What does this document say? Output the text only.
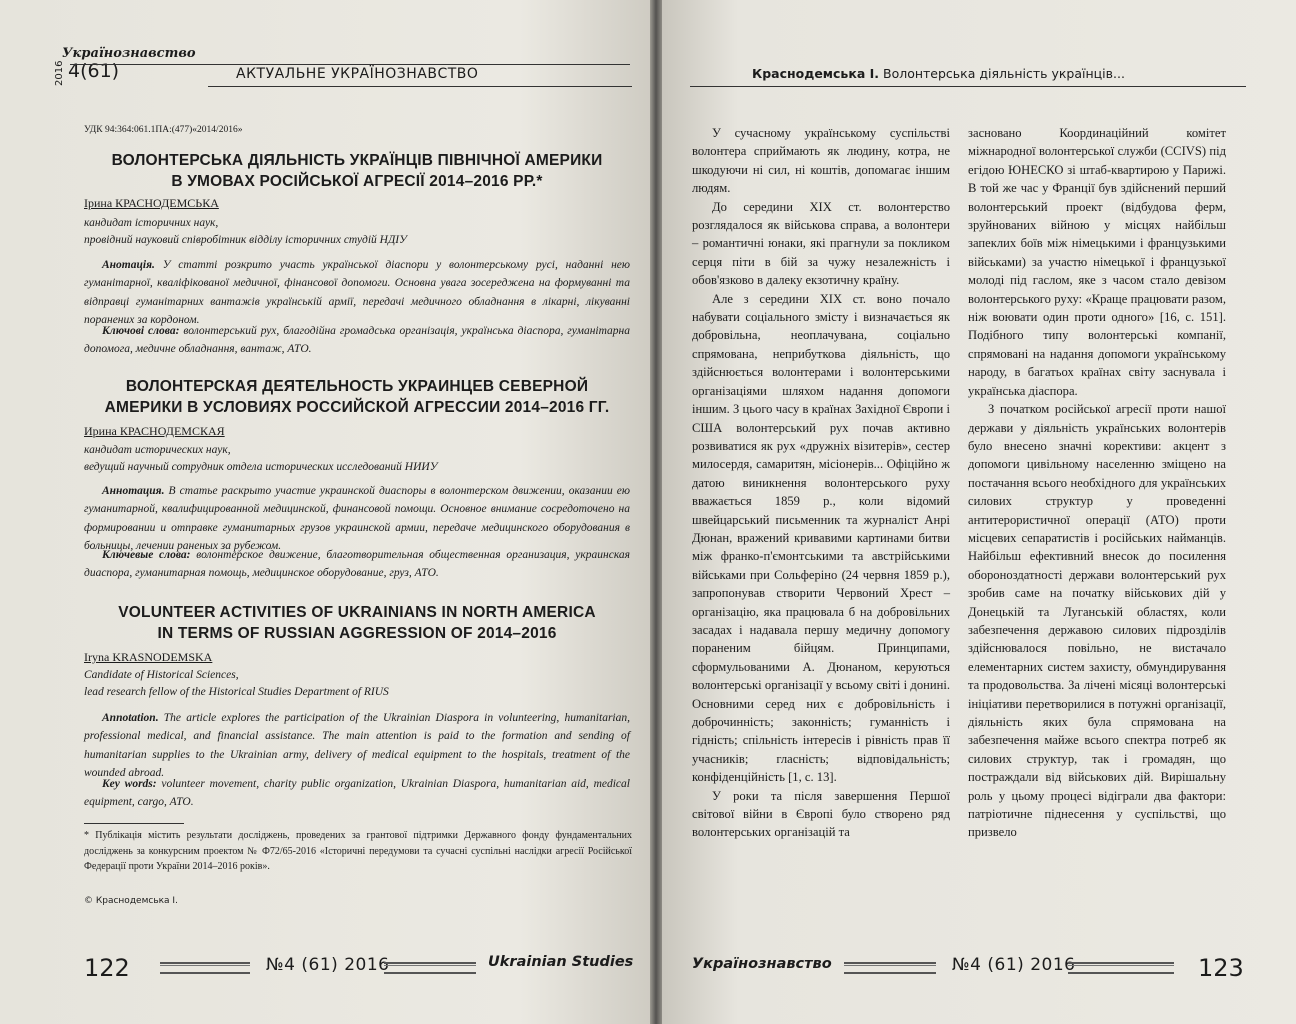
Українознавство
4(61)
2016	АКТУАЛЬНЕ УКРАЇНОЗНАВСТВО
УДК 94:364:061.1ПА:(477)«2014/2016»
ВОЛОНТЕРСЬКА ДІЯЛЬНІСТЬ УКРАЇНЦІВ ПІВНІЧНОЇ АМЕРИКИ
В УМОВАХ РОСІЙСЬКОЇ АГРЕСІЇ 2014–2016 РР.*
Ірина КРАСНОДЕМСЬКА
кандидат історичних наук,
провідний науковий співробітник відділу історичних студій НДІУ
Анотація. У статті розкрито участь української діаспори у волонтерському русі, наданні нею гуманітарної, кваліфікованої медичної, фінансової допомоги. Основна увага зосереджена на формуванні та відправці гуманітарних вантажів українській армії, передачі медичного обладнання в лікарні, лікуванні поранених за кордоном.
Ключові слова: волонтерський рух, благодійна громадська організація, українська діаспора, гуманітарна допомога, медичне обладнання, вантаж, АТО.
ВОЛОНТЕРСКАЯ ДЕЯТЕЛЬНОСТЬ УКРАИНЦЕВ СЕВЕРНОЙ
АМЕРИКИ В УСЛОВИЯХ РОССИЙСКОЙ АГРЕССИИ 2014–2016 ГГ.
Ирина КРАСНОДЕМСКАЯ
кандидат исторических наук,
ведущий научный сотрудник отдела исторических исследований НИИУ
Аннотация. В статье раскрыто участие украинской диаспоры в волонтерском движении, оказании ею гуманитарной, квалифицированной медицинской, финансовой помощи. Основное внимание сосредоточено на формировании и отправке гуманитарных грузов украинской армии, передаче медицинского оборудования в больницы, лечении раненых за рубежом.
Ключевые слова: волонтерское движение, благотворительная общественная организация, украинская диаспора, гуманитарная помощь, медицинское оборудование, груз, АТО.
VOLUNTEER ACTIVITIES OF UKRAINIANS IN NORTH AMERICA
IN TERMS OF RUSSIAN AGGRESSION OF 2014–2016
Iryna KRASNODEMSKA
Candidate of Historical Sciences,
lead research fellow of the Historical Studies Department of RIUS
Annotation. The article explores the participation of the Ukrainian Diaspora in volunteering, humanitarian, professional medical, and financial assistance. The main attention is paid to the formation and sending of humanitarian supplies to the Ukrainian army, delivery of medical equipment to the hospitals, treatment of the wounded abroad.
Key words: volunteer movement, charity public organization, Ukrainian Diaspora, humanitarian aid, medical equipment, cargo, ATO.
* Публікація містить результати досліджень, проведених за грантової підтримки Державного фонду фундаментальних досліджень за конкурсним проектом № Ф72/65-2016 «Історичні передумови та сучасні суспільні наслідки агресії Російської Федерації проти України 2014–2016 років».
© Краснодемська І.
122	№4 (61) 2016	Ukrainian Studies
Краснодемська І. Волонтерська діяльність українців...

У сучасному українському суспільстві волонтера сприймають як людину, котра, не шкодуючи ні сил, ні коштів, допомагає іншим людям.

До середини XIX ст. волонтерство розглядалося як військова справа, а волонтери – романтичні юнаки, які прагнули за покликом серця піти в бій за чужу незалежність і обов'язково в далеку екзотичну країну.

Але з середини XIX ст. воно почало набувати соціального змісту і визначається як добровільна, неоплачувана, соціально спрямована, неприбуткова діяльність, що здійснюється волонтерами і волонтерськими організаціями шляхом надання допомоги іншим. З цього часу в країнах Західної Європи і США волонтерський рух почав активно розвиватися як рух «дружніх візитерів», сестер милосердя, самаритян, місіонерів... Офіційно ж датою виникнення волонтерського руху вважається 1859 р., коли відомий швейцарський письменник та журналіст Анрі Дюнан, вражений кривавими картинами битви між франко-п'ємонтськими та австрійськими військами при Сольферіно (24 червня 1859 р.), запропонував створити Червоний Хрест – організацію, яка працювала б на добровільних засадах і надавала першу медичну допомогу пораненим бійцям. Принципами, сформульованими А. Дюнаном, керуються волонтерські організації у всьому світі і донині. Основними серед них є добровільність і доброчинність; законність; гуманність і гідність; спільність інтересів і рівність прав її учасників; гласність; відповідальність; конфіденційність [1, с. 13].

У роки та після завершення Першої світової війни в Європі було створено ряд волонтерських організацій та

засновано Координаційний комітет міжнародної волонтерської служби (CCIVS) під егідою ЮНЕСКО зі штаб-квартирою у Парижі. В той же час у Франції був здійснений перший волонтерський проект (відбудова ферм, зруйнованих війною у місцях найбільш запеклих боїв між німецькими і французькими військами) за участю німецької і французької молоді під гаслом, яке з часом стало девізом волонтерського руху: «Краще працювати разом, ніж воювати один проти одного» [16, с. 151]. Подібного типу волонтерські компанії, спрямовані на надання допомоги українському народу, в багатьох країнах світу заснувала і українська діаспора.

З початком російської агресії проти нашої держави у діяльність українських волонтерів було внесено значні корективи: акцент з допомоги цивільному населенню зміщено на постачання всього необхідного для українських силових структур у проведенні антитерористичної операції (АТО) проти місцевих сепаратистів і російських найманців. Найбільш ефективний внесок до посилення обороноздатності держави волонтерський рух зробив саме на початку військових дій у Донецькій та Луганській областях, коли забезпечення державою силових підрозділів здійснювалося повільно, не вистачало елементарних систем захисту, обмундирування та продовольства. За лічені місяці волонтерські ініціативи перетворилися в потужні організації, діяльність яких була спрямована на забезпечення майже всього спектра потреб як силових структур, так і громадян, що постраждали від військових дій. Вирішальну роль у цьому процесі відіграли два фактори: патріотичне піднесення у суспільстві, що призвело

Українознавство	№4 (61) 2016	123
